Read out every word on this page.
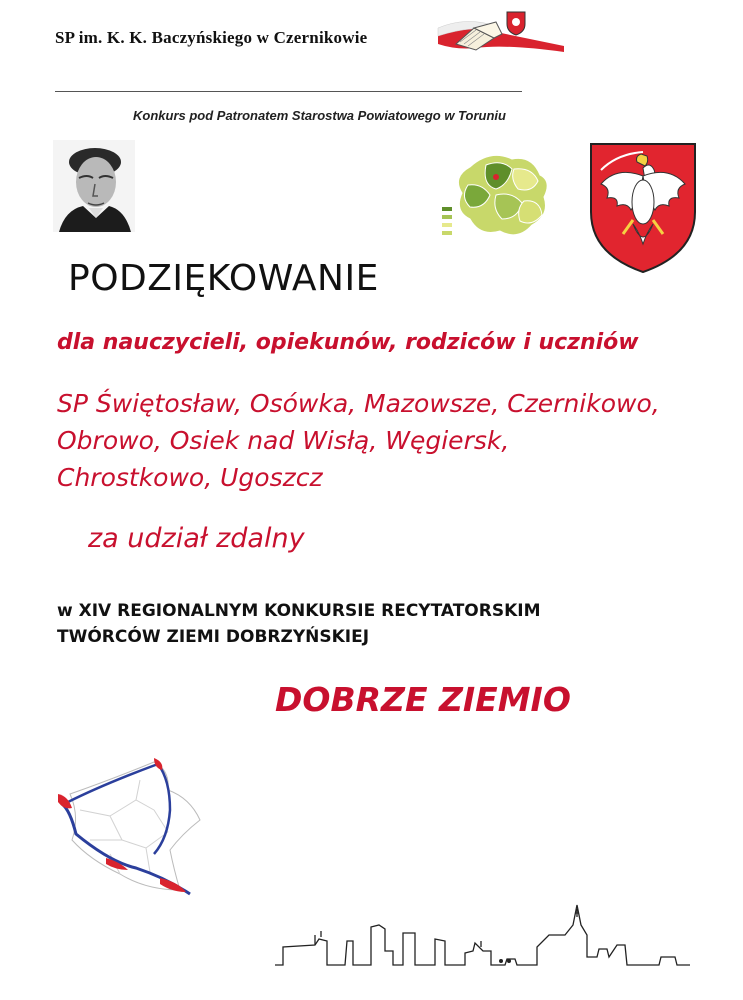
SP im. K. K. Baczyńskiego w Czernikowie
Konkurs pod Patronatem Starostwa Powiatowego w Toruniu
PODZIĘKOWANIE
dla nauczycieli, opiekunów, rodziców i uczniów
SP Świętosław, Osówka, Mazowsze, Czernikowo,
Obrowo, Osiek nad Wisłą, Węgiersk,
Chrostkowo, Ugoszcz
za udział zdalny
w XIV REGIONALNYM KONKURSIE RECYTATORSKIM
TWÓRCÓW ZIEMI DOBRZYŃSKIEJ
DOBRZE ZIEMIO
